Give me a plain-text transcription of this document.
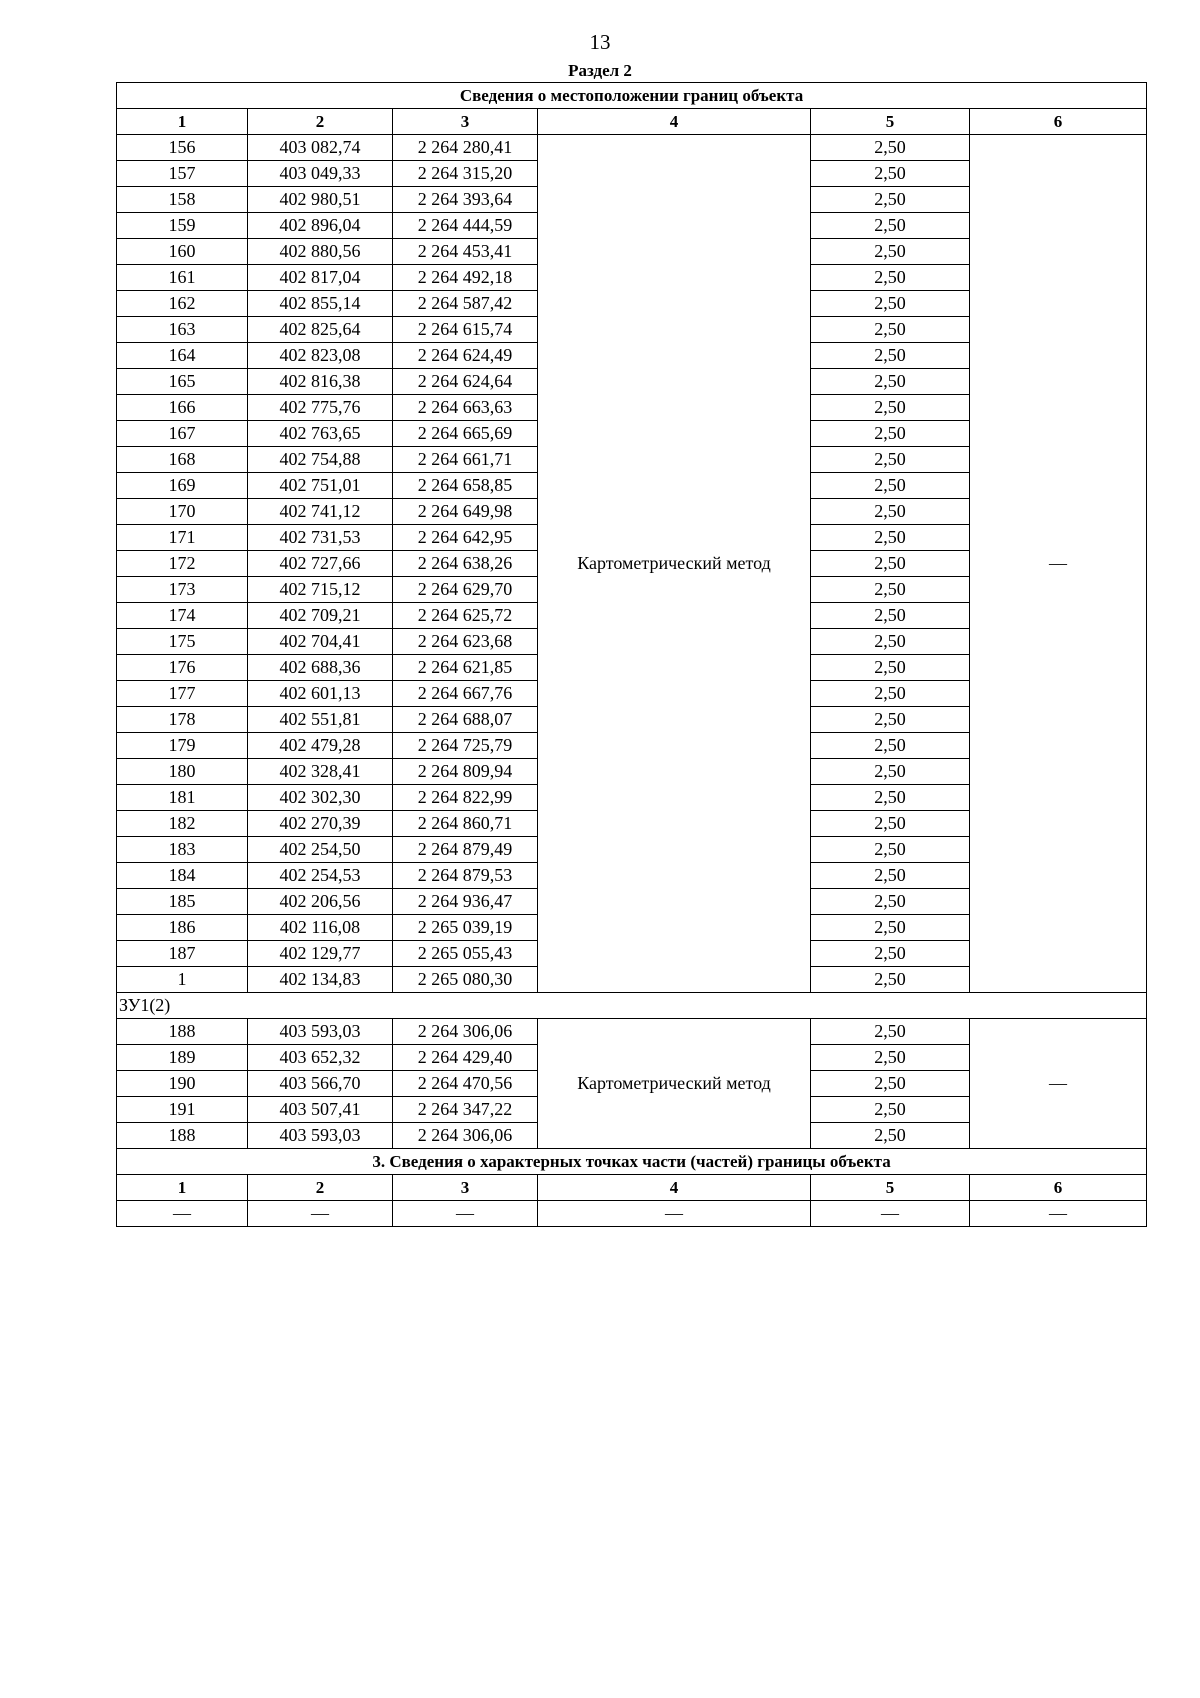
13
Раздел 2
Сведения о местоположении границ объекта					
1	2	3	4	5	6
156	403 082,74	2 264 280,41	Картометрический метод	2,50	—
157	403 049,33	2 264 315,20		2,50	
158	402 980,51	2 264 393,64		2,50	
159	402 896,04	2 264 444,59		2,50	
160	402 880,56	2 264 453,41		2,50	
161	402 817,04	2 264 492,18		2,50	
162	402 855,14	2 264 587,42		2,50	
163	402 825,64	2 264 615,74		2,50	
164	402 823,08	2 264 624,49		2,50	
165	402 816,38	2 264 624,64		2,50	
166	402 775,76	2 264 663,63		2,50	
167	402 763,65	2 264 665,69		2,50	
168	402 754,88	2 264 661,71		2,50	
169	402 751,01	2 264 658,85		2,50	
170	402 741,12	2 264 649,98		2,50	
171	402 731,53	2 264 642,95		2,50	
172	402 727,66	2 264 638,26		2,50	
173	402 715,12	2 264 629,70		2,50	
174	402 709,21	2 264 625,72		2,50	
175	402 704,41	2 264 623,68		2,50	
176	402 688,36	2 264 621,85		2,50	
177	402 601,13	2 264 667,76		2,50	
178	402 551,81	2 264 688,07		2,50	
179	402 479,28	2 264 725,79		2,50	
180	402 328,41	2 264 809,94		2,50	
181	402 302,30	2 264 822,99		2,50	
182	402 270,39	2 264 860,71		2,50	
183	402 254,50	2 264 879,49		2,50	
184	402 254,53	2 264 879,53		2,50	
185	402 206,56	2 264 936,47		2,50	
186	402 116,08	2 265 039,19		2,50	
187	402 129,77	2 265 055,43		2,50	
1	402 134,83	2 265 080,30		2,50	
ЗУ1(2)					
188	403 593,03	2 264 306,06	Картометрический метод	2,50	—
189	403 652,32	2 264 429,40		2,50	
190	403 566,70	2 264 470,56		2,50	
191	403 507,41	2 264 347,22		2,50	
188	403 593,03	2 264 306,06		2,50	
3. Сведения о характерных точках части (частей) границы объекта					
1	2	3	4	5	6
—	—	—	—	—	—
